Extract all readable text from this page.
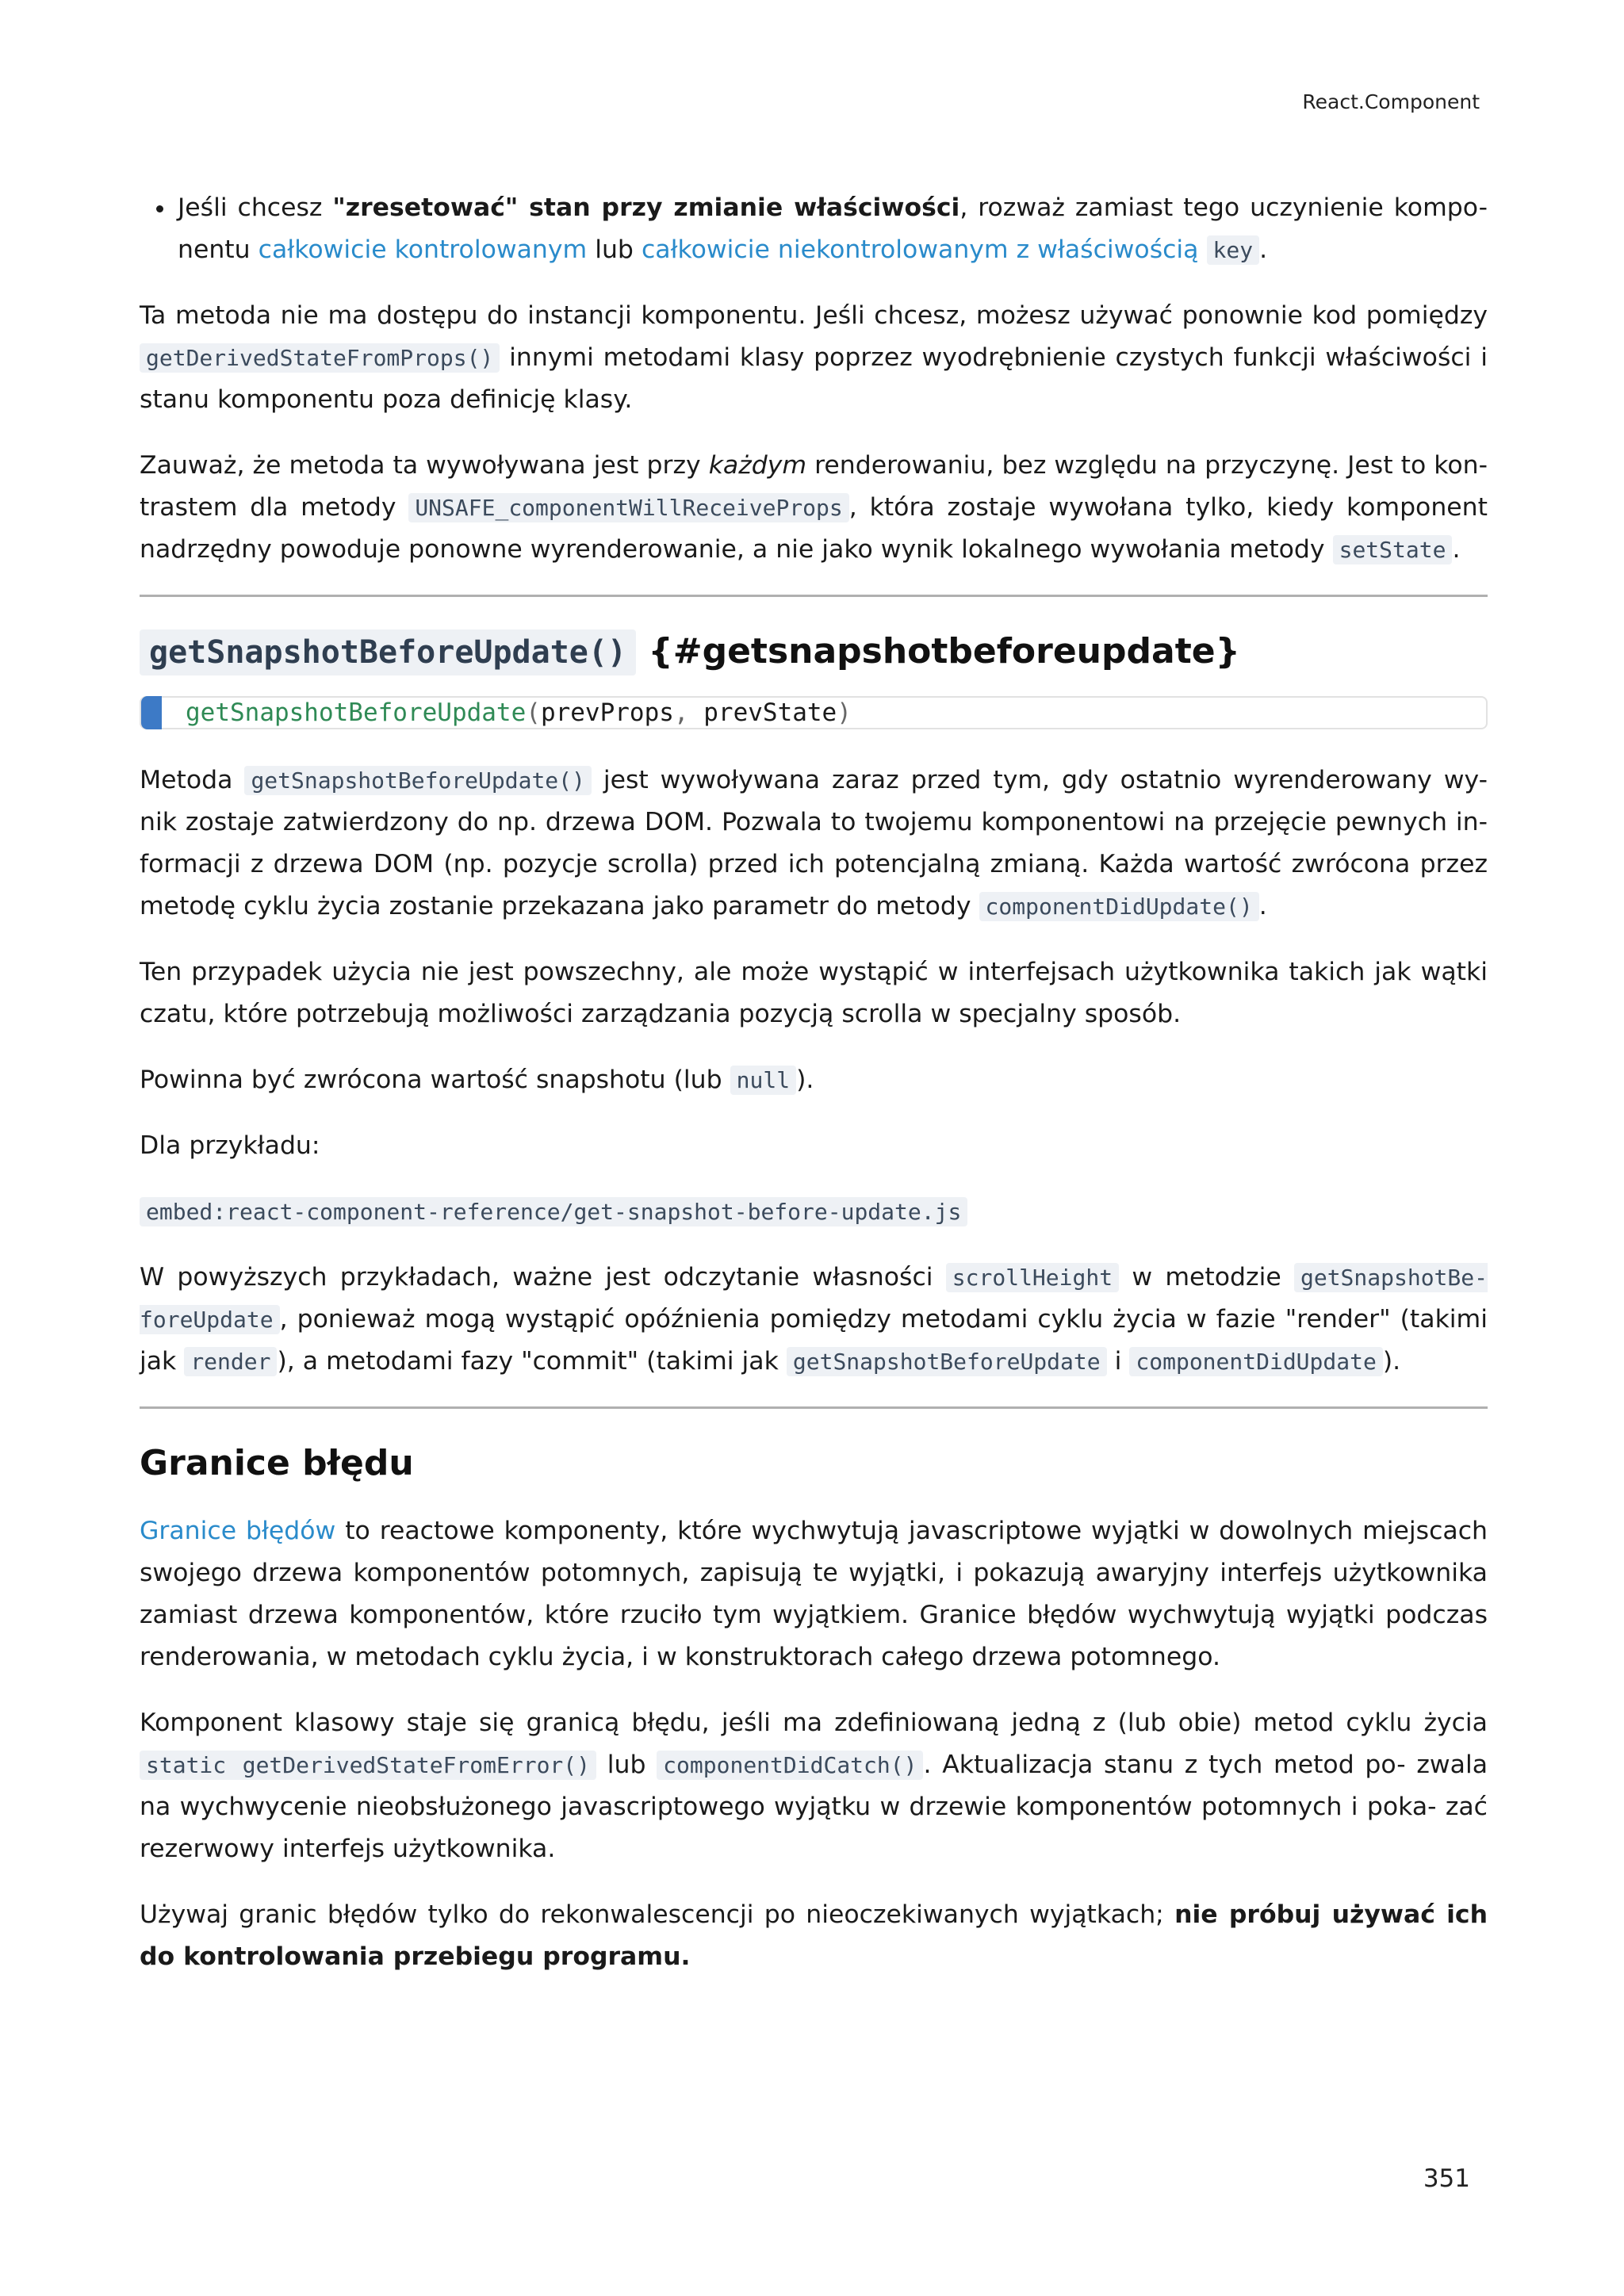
React.Component
• Jeśli chcesz "zresetować" stan przy zmianie właściwości, rozważ zamiast tego uczynienie kompo- nentu całkowicie kontrolowanym lub całkowicie niekontrolowanym z właściwością key .

Ta metoda nie ma dostępu do instancji komponentu. Jeśli chcesz, możesz używać ponownie kod pomiędzy getDerivedStateFromProps() innymi metodami klasy poprzez wyodrębnienie czystych funkcji właściwości i stanu komponentu poza definicję klasy.

Zauważ, że metoda ta wywoływana jest przy każdym renderowaniu, bez względu na przyczynę. Jest to kon- trastem dla metody UNSAFE_componentWillReceiveProps , która zostaje wywołana tylko, kiedy komponent nadrzędny powoduje ponowne wyrenderowanie, a nie jako wynik lokalnego wywołania metody setState .

getSnapshotBeforeUpdate() {#getsnapshotbeforeupdate}
getSnapshotBeforeUpdate(prevProps, prevState)

Metoda getSnapshotBeforeUpdate() jest wywoływana zaraz przed tym, gdy ostatnio wyrenderowany wy- nik zostaje zatwierdzony do np. drzewa DOM. Pozwala to twojemu komponentowi na przejęcie pewnych in- formacji z drzewa DOM (np. pozycje scrolla) przed ich potencjalną zmianą. Każda wartość zwrócona przez metodę cyklu życia zostanie przekazana jako parametr do metody componentDidUpdate() .

Ten przypadek użycia nie jest powszechny, ale może wystąpić w interfejsach użytkownika takich jak wątki czatu, które potrzebują możliwości zarządzania pozycją scrolla w specjalny sposób.

Powinna być zwrócona wartość snapshotu (lub null ).

Dla przykładu:

embed:react-component-reference/get-snapshot-before-update.js

W powyższych przykładach, ważne jest odczytanie własności scrollHeight w metodzie getSnapshotBe- foreUpdate , ponieważ mogą wystąpić opóźnienia pomiędzy metodami cyklu życia w fazie "render" (takimi jak render ), a metodami fazy "commit" (takimi jak getSnapshotBeforeUpdate i componentDidUpdate ).

Granice błędu

Granice błędów to reactowe komponenty, które wychwytują javascriptowe wyjątki w dowolnych miejscach swojego drzewa komponentów potomnych, zapisują te wyjątki, i pokazują awaryjny interfejs użytkownika zamiast drzewa komponentów, które rzuciło tym wyjątkiem. Granice błędów wychwytują wyjątki podczas renderowania, w metodach cyklu życia, i w konstruktorach całego drzewa potomnego.

Komponent klasowy staje się granicą błędu, jeśli ma zdefiniowaną jedną z (lub obie) metod cyklu życia static getDerivedStateFromError() lub componentDidCatch() . Aktualizacja stanu z tych metod po- zwala na wychwycenie nieobsłużonego javascriptowego wyjątku w drzewie komponentów potomnych i poka- zać rezerwowy interfejs użytkownika.

Używaj granic błędów tylko do rekonwalescencji po nieoczekiwanych wyjątkach; nie próbuj używać ich do kontrolowania przebiegu programu.

351
